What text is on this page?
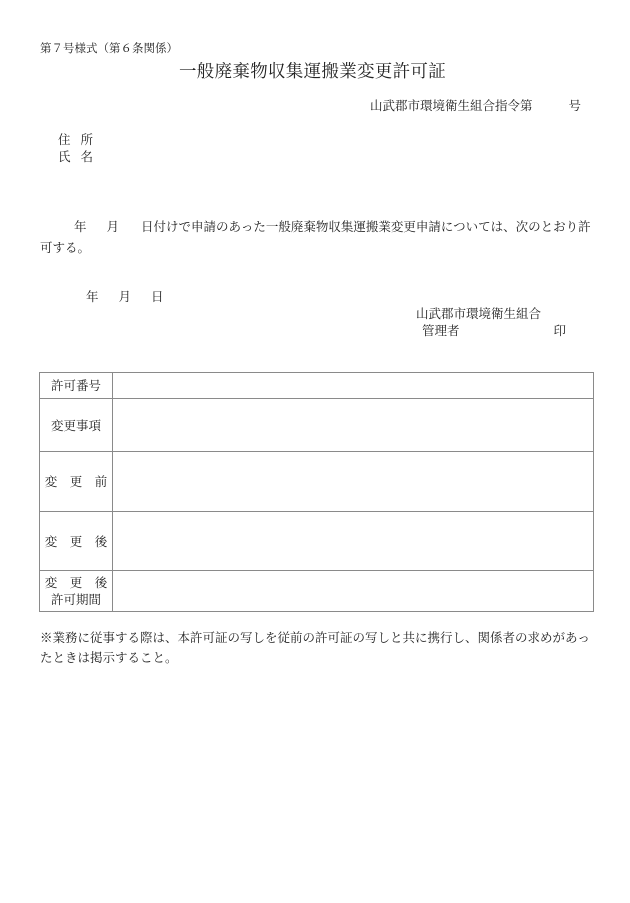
第７号様式（第６条関係）
一般廃棄物収集運搬業変更許可証
山武郡市環境衛生組合指令第	号
住 所
氏 名
年 月 日付けで申請のあった一般廃棄物収集運搬業変更申請については、次のとおり許可する。
年 月 日
山武郡市環境衛生組合
管理者	印
許可番号	
変更事項	
変　更　前	
変　更　後	

変　更　後
許可期間	

※業務に従事する際は、本許可証の写しを従前の許可証の写しと共に携行し、関係者の求めがあったときは掲示すること。
